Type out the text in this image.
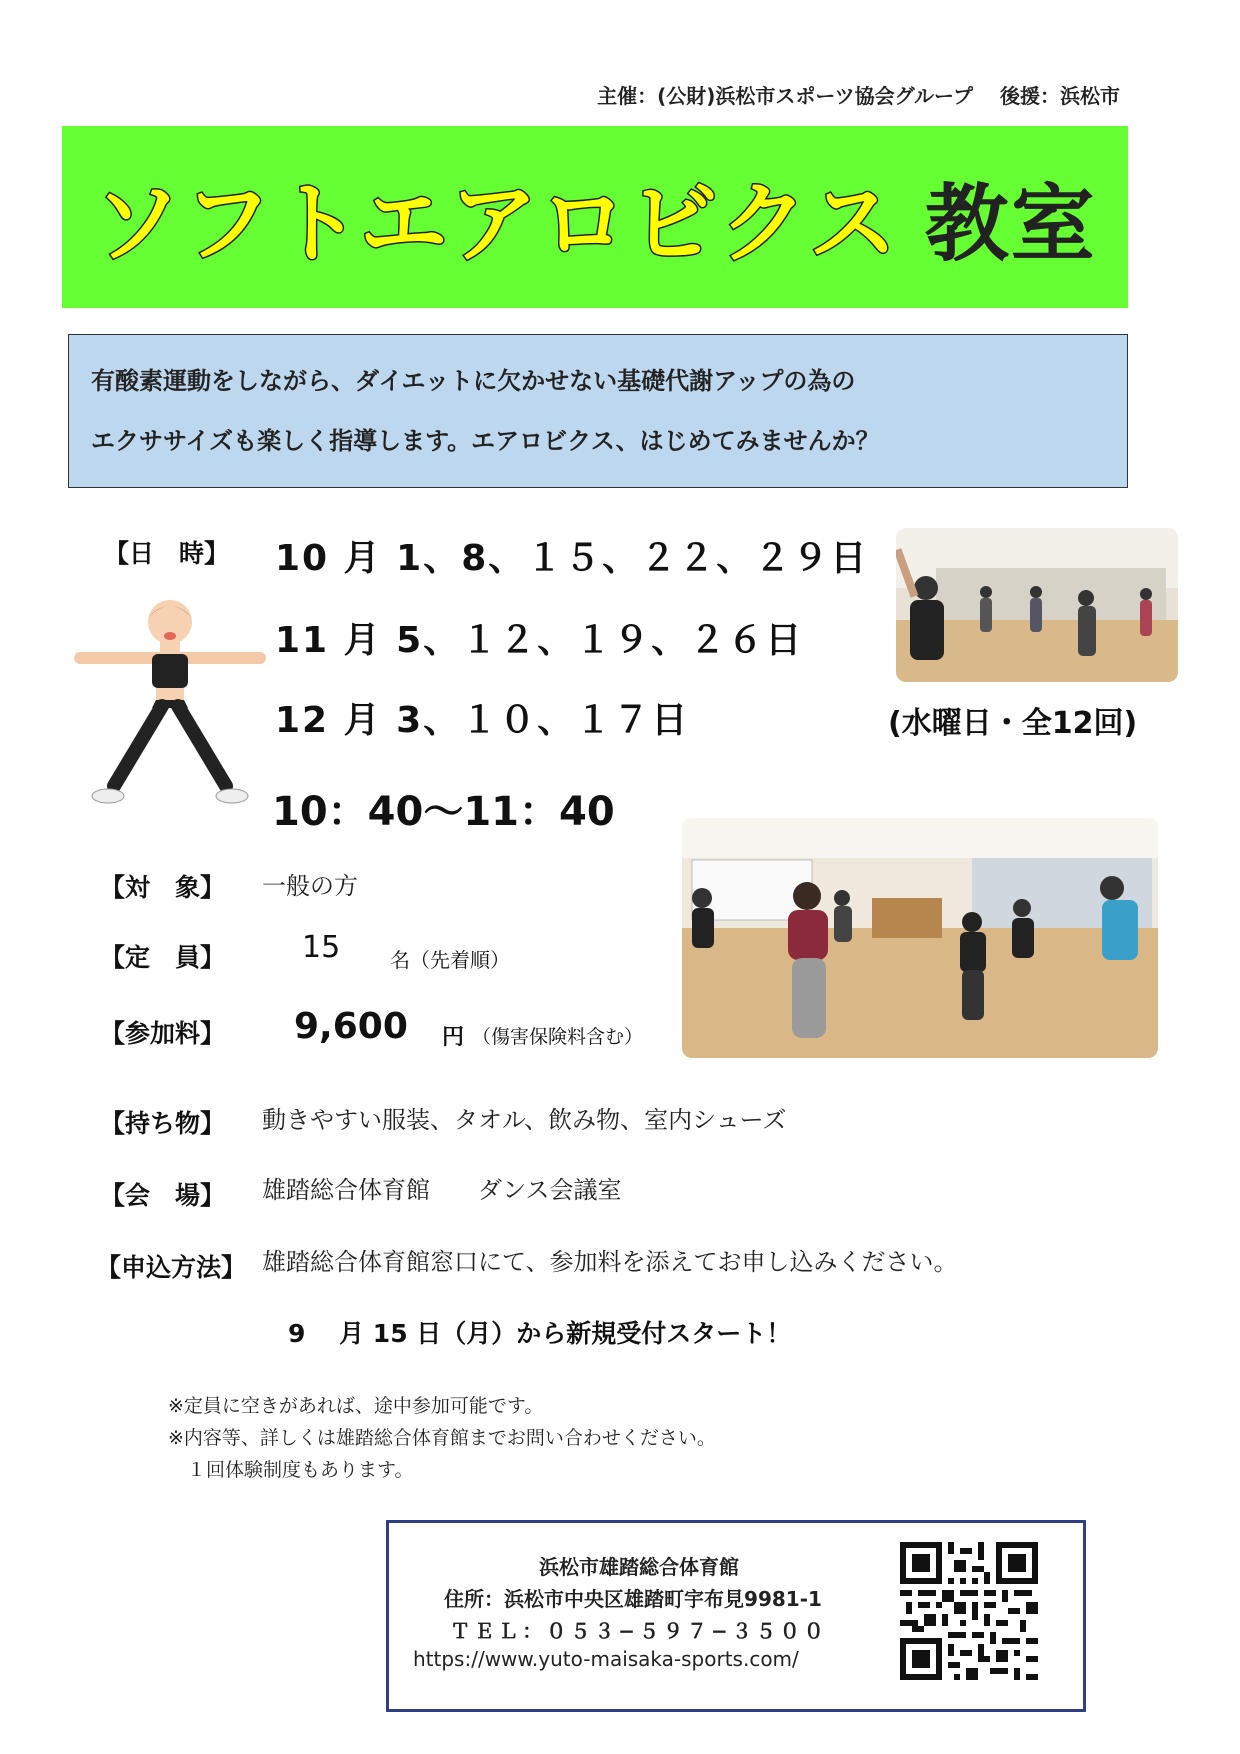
主催：(公財)浜松市スポーツ協会グループ　 後援：浜松市
ソフトエアロビクス 教室
有酸素運動をしながら、ダイエットに欠かせない基礎代謝アップの為の
エクササイズも楽しく指導します。エアロビクス、はじめてみませんか？
【日　時】 10 月 1、8、１５、２２、２９日
11 月 5、１２、１９、２６日
12 月 3、１０、１７日	(水曜日・全12回)
10：40〜11：40
【対　象】 一般の方
【定　員】	15 名（先着順）
【参加料】 9,600 円 （傷害保険料含む）
【持ち物】 動きやすい服装、タオル、飲み物、室内シューズ
【会　場】 雄踏総合体育館　　ダンス会議室
【申込方法】 雄踏総合体育館窓口にて、参加料を添えてお申し込みください。
9　 月 15 日（月）から新規受付スタート！
※定員に空きがあれば、途中参加可能です。
※内容等、詳しくは雄踏総合体育館までお問い合わせください。
　１回体験制度もあります。
浜松市雄踏総合体育館
住所：浜松市中央区雄踏町宇布見9981-1
ＴＥＬ：０５３−５９７−３５００
https://www.yuto-maisaka-sports.com/
